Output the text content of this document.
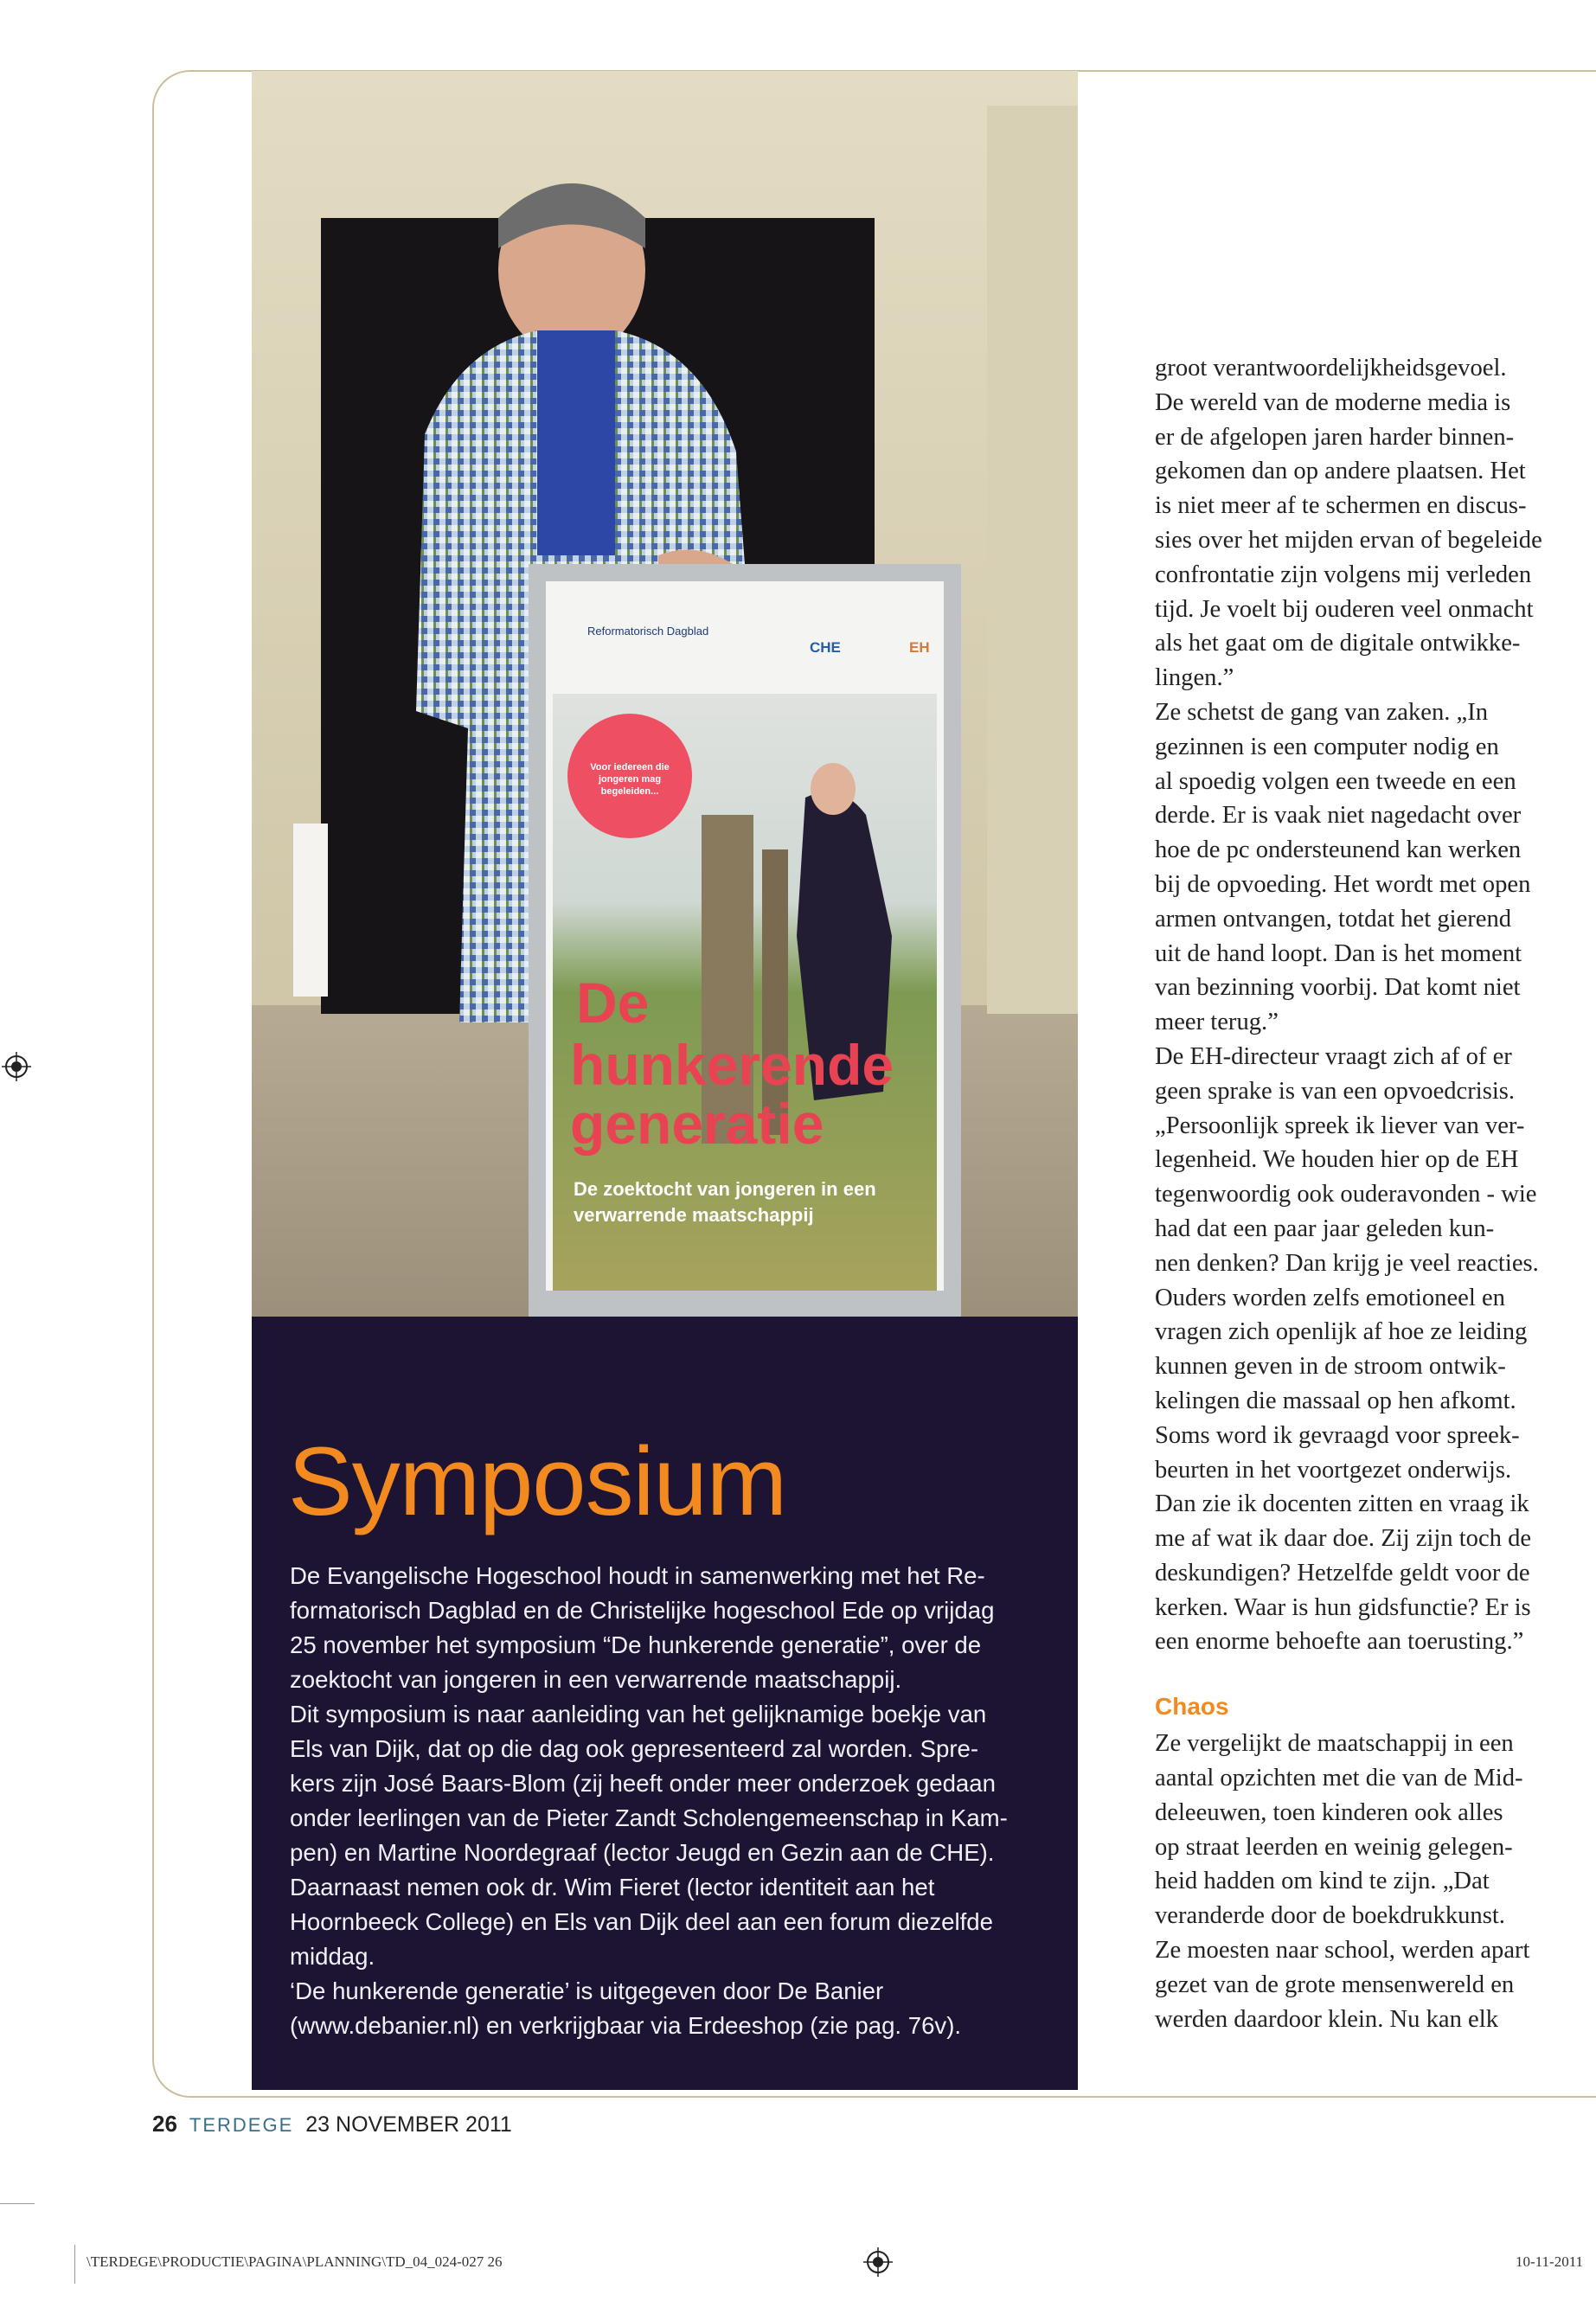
Voor iedereen die jongeren mag begeleiden...
Reformatorisch Dagblad
CHE	EH
De
hunkerende
generatie
De zoektocht van jongeren in een
verwarrende maatschappij
Symposium

De Evangelische Hogeschool houdt in samenwerking met het Re-

formatorisch Dagblad en de Christelijke hogeschool Ede op vrijdag

25 november het symposium “De hunkerende generatie”, over de

zoektocht van jongeren in een verwarrende maatschappij.

Dit symposium is naar aanleiding van het gelijknamige boekje van

Els van Dijk, dat op die dag ook gepresenteerd zal worden. Spre-

kers zijn José Baars-Blom (zij heeft onder meer onderzoek gedaan

onder leerlingen van de Pieter Zandt Scholengemeenschap in Kam-

pen) en Martine Noordegraaf (lector Jeugd en Gezin aan de CHE).

Daarnaast nemen ook dr. Wim Fieret (lector identiteit aan het

Hoornbeeck College) en Els van Dijk deel aan een forum diezelfde

middag.

‘De hunkerende generatie’ is uitgegeven door De Banier

(www.debanier.nl) en verkrijgbaar via Erdeeshop (zie pag. 76v).

groot verantwoordelijkheidsgevoel.

De wereld van de moderne media is

er de afgelopen jaren harder binnen-

gekomen dan op andere plaatsen. Het

is niet meer af te schermen en discus-

sies over het mijden ervan of begeleide

confrontatie zijn volgens mij verleden

tijd. Je voelt bij ouderen veel onmacht

als het gaat om de digitale ontwikke-

lingen.”

Ze schetst de gang van zaken. „In

gezinnen is een computer nodig en

al spoedig volgen een tweede en een

derde. Er is vaak niet nagedacht over

hoe de pc ondersteunend kan werken

bij de opvoeding. Het wordt met open

armen ontvangen, totdat het gierend

uit de hand loopt. Dan is het moment

van bezinning voorbij. Dat komt niet

meer terug.”

De EH-directeur vraagt zich af of er

geen sprake is van een opvoedcrisis.

„Persoonlijk spreek ik liever van ver-

legenheid. We houden hier op de EH

tegenwoordig ook ouderavonden - wie

had dat een paar jaar geleden kun-

nen denken? Dan krijg je veel reacties.

Ouders worden zelfs emotioneel en

vragen zich openlijk af hoe ze leiding

kunnen geven in de stroom ontwik-

kelingen die massaal op hen afkomt.

Soms word ik gevraagd voor spreek-

beurten in het voortgezet onderwijs.

Dan zie ik docenten zitten en vraag ik

me af wat ik daar doe. Zij zijn toch de

deskundigen? Hetzelfde geldt voor de

kerken. Waar is hun gidsfunctie? Er is

een enorme behoefte aan toerusting.”

Chaos

Ze vergelijkt de maatschappij in een

aantal opzichten met die van de Mid-

deleeuwen, toen kinderen ook alles

op straat leerden en weinig gelegen-

heid hadden om kind te zijn. „Dat

veranderde door de boekdrukkunst.

Ze moesten naar school, werden apart

gezet van de grote mensenwereld en

werden daardoor klein. Nu kan elk

26 TERDEGE 23 NOVEMBER 2011
\TERDEGE\PRODUCTIE\PAGINA\PLANNING\TD_04_024-027 26	10-11-2011
